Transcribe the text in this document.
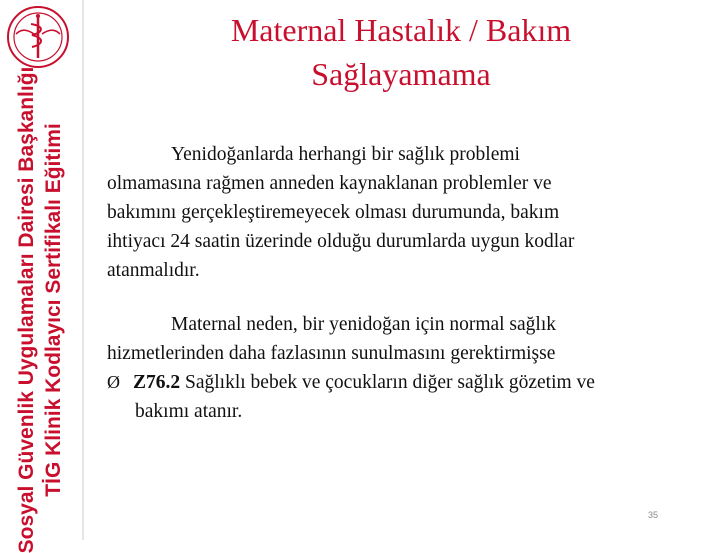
Sosyal Güvenlik Uygulamaları Dairesi Başkanlığı TİG Klinik Kodlayıcı Sertifikalı Eğitimi
Maternal Hastalık / Bakım
Sağlayamama
Yenidoğanlarda herhangi bir sağlık problemi
olmamasına rağmen anneden kaynaklanan problemler ve
bakımını gerçekleştiremeyecek olması durumunda, bakım
ihtiyacı 24 saatin üzerinde olduğu durumlarda uygun kodlar
atanmalıdır.
Maternal neden, bir yenidoğan için normal sağlık
hizmetlerinden daha fazlasının sunulmasını gerektirmişse
Ø Z76.2 Sağlıklı bebek ve çocukların diğer sağlık gözetim ve
bakımı atanır.
35
